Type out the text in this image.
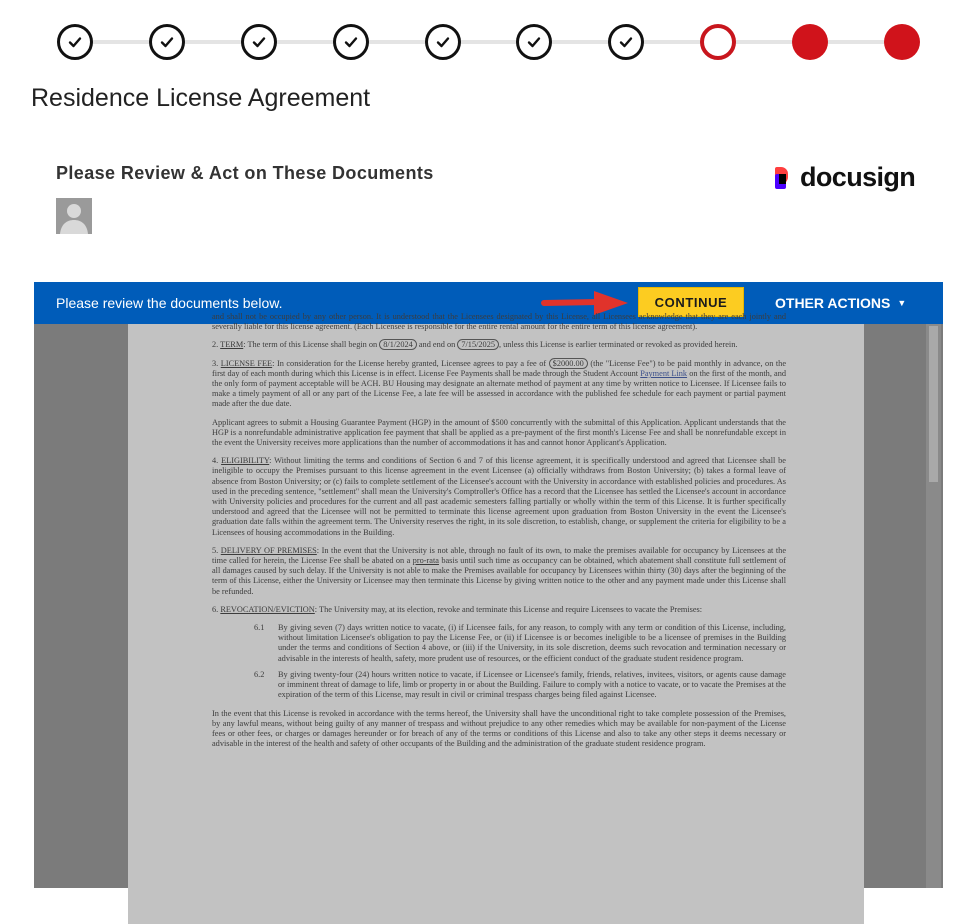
Residence License Agreement
Please Review & Act on These Documents	docusign
Please review the documents below.	CONTINUE	OTHER ACTIONS ▼

and shall not be occupied by any other person. It is understood that the Licensees designated by this License, all Licensees acknowledge that they are each jointly and severally liable for this license agreement. (Each Licensee is responsible for the entire rental amount for the entire term of this license agreement).

2. TERM: The term of this License shall begin on 8/1/2024 and end on 7/15/2025 , unless this License is earlier terminated or revoked as provided herein.

3. LICENSE FEE: In consideration for the License hereby granted, Licensee agrees to pay a fee of $2000.00 (the "License Fee") to be paid monthly in advance, on the first day of each month during which this License is in effect. License Fee Payments shall be made through the Student Account Payment Link on the first of the month, and the only form of payment acceptable will be ACH. BU Housing may designate an alternate method of payment at any time by written notice to Licensee. If Licensee fails to make a timely payment of all or any part of the License Fee, a late fee will be assessed in accordance with the published fee schedule for each payment or partial payment made after the due date.

Applicant agrees to submit a Housing Guarantee Payment (HGP) in the amount of $500 concurrently with the submittal of this Application. Applicant understands that the HGP is a nonrefundable administrative application fee payment that shall be applied as a pre-payment of the first month's License Fee and shall be nonrefundable except in the event the University receives more applications than the number of accommodations it has and cannot honor Applicant's Application.

4. ELIGIBILITY: Without limiting the terms and conditions of Section 6 and 7 of this license agreement, it is specifically understood and agreed that Licensee shall be ineligible to occupy the Premises pursuant to this license agreement in the event Licensee (a) officially withdraws from Boston University; (b) takes a formal leave of absence from Boston University; or (c) fails to complete settlement of the Licensee's account with the University in accordance with established policies and procedures. As used in the preceding sentence, "settlement" shall mean the University's Comptroller's Office has a record that the Licensee has settled the Licensee's account in accordance with University policies and procedures for the current and all past academic semesters falling partially or wholly within the term of this License. It is further specifically understood and agreed that the Licensee will not be permitted to terminate this license agreement upon graduation from Boston University in the event the Licensee's graduation date falls within the agreement term. The University reserves the right, in its sole discretion, to establish, change, or supplement the criteria for eligibility to be a Licensees of housing accommodations in the Building.

5. DELIVERY OF PREMISES: In the event that the University is not able, through no fault of its own, to make the premises available for occupancy by Licensees at the time called for herein, the License Fee shall be abated on a pro-rata basis until such time as occupancy can be obtained, which abatement shall constitute full settlement of all damages caused by such delay. If the University is not able to make the Premises available for occupancy by Licensees within thirty (30) days after the beginning of the term of this License, either the University or Licensee may then terminate this License by giving written notice to the other and any payment made under this License shall be refunded.

6. REVOCATION/EVICTION: The University may, at its election, revoke and terminate this License and require Licensees to vacate the Premises:

6.1	By giving seven (7) days written notice to vacate, (i) if Licensee fails, for any reason, to comply with any term or condition of this License, including, without limitation Licensee's obligation to pay the License Fee, or (ii) if Licensee is or becomes ineligible to be a licensee of premises in the Building under the terms and conditions of Section 4 above, or (iii) if the University, in its sole discretion, deems such revocation and termination necessary or advisable in the interests of health, safety, more prudent use of resources, or the efficient conduct of the graduate student residence program.
6.2	By giving twenty-four (24) hours written notice to vacate, if Licensee or Licensee's family, friends, relatives, invitees, visitors, or agents cause damage or imminent threat of damage to life, limb or property in or about the Building. Failure to comply with a notice to vacate, or to vacate the Premises at the expiration of the term of this License, may result in civil or criminal trespass charges being filed against Licensee.

In the event that this License is revoked in accordance with the terms hereof, the University shall have the unconditional right to take complete possession of the Premises, by any lawful means, without being guilty of any manner of trespass and without prejudice to any other remedies which may be available for non-payment of the License fees or other fees, or charges or damages hereunder or for breach of any of the terms or conditions of this License and also to take any other steps it deems necessary or advisable in the interest of the health and safety of other occupants of the Building and the administration of the graduate student residence program.
